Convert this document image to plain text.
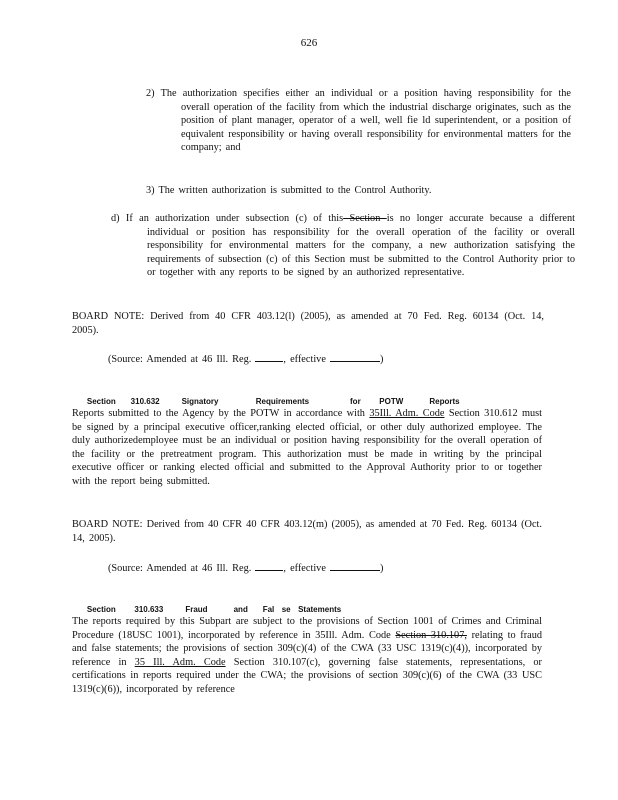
626
2) The authorization specifies either an individual or a position having responsibility for the overall operation of the facility from which the industrial discharge originates, such as the position of plant manager, operator of a well, well fie ld superintendent, or a position of equivalent responsibility or having overall responsibility for environmental matters for the company; and
3) The written authorization is submitted to the Control Authority.
d) If an authorization under subsection (c) of this Section is no longer accurate because a different individual or position has responsibility for the overall operation of the facility or overall responsibility for environmental matters for the company, a new authorization satisfying the requirements of subsection (c) of this Section must be submitted to the Control Authority prior to or together with any reports to be signed by an authorized representative.
BOARD NOTE: Derived from 40 CFR 403.12(l) (2005), as amended at 70 Fed. Reg. 60134 (Oct. 14, 2005).
(Source: Amended at 46 Ill. Reg.	, effective	)

Section    310.632	Signatory          Requirements           for     POTW       Reports

Reports submitted to the Agency by the POTW in accordance with 35Ill. Adm. Code Section 310.612 must be signed by a principal executive officer,ranking elected official, or other duly authorized employee. The duly authorizedemployee must be an individual or position having responsibility for the overall operation of the facility or the pretreatment program. This authorization must be made in writing by the principal executive officer or ranking elected official and submitted to the Approval Authority prior to or together with the report being submitted.
BOARD NOTE: Derived from 40 CFR 40 CFR 403.12(m) (2005), as amended at 70 Fed. Reg. 60134 (Oct. 14, 2005).
(Source: Amended at 46 Ill. Reg.	, effective	)

Section     310.633	Fraud       and    Fal  se  Statements

The reports required by this Subpart are subject to the provisions of Section 1001 of Crimes and Criminal Procedure (18USC 1001), incorporated by reference in 35Ill. Adm. Code Section 310.107, relating to fraud and false statements; the provisions of section 309(c)(4) of the CWA (33 USC 1319(c)(4)), incorporated by reference in 35 Ill. Adm. Code Section 310.107(c), governing false statements, representations, or certifications in reports required under the CWA; the provisions of section 309(c)(6) of the CWA (33 USC 1319(c)(6)), incorporated by reference
